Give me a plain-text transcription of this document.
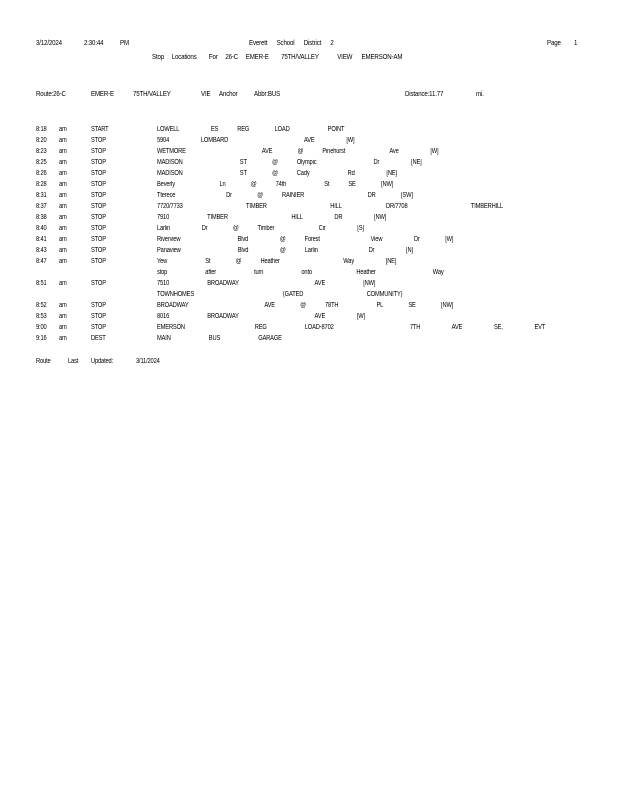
3/12/2024	2:30:44 PM	Everett      School      District      2	Page 1
Stop     Locations        For     26-C     EMER-E        75TH/VALLEY            VIEW      EMERSON-AM
Route:26-C	EMER-E	75TH/VALLEY	VIE Anchor Abbr:BUS	Distance:11.77	mi.
8:18 am	START	LOWELL     ES   REG    LOAD      POINT
8:20 am	STOP	5904     LOMBARD            AVE     [W]
8:23 am	STOP	WETMORE            AVE    @   Pinehurst       Ave     [W]
8:25 am	STOP	MADISON         ST    @   Olympic         Dr     [NE]
8:26 am	STOP	MADISON         ST    @   Cady      Rd     [NE]
8:28 am	STOP	Beverly       Ln    @   74th      St   SE    [NW]
8:31 am	STOP	Tterece        Dr    @   RAINIER          DR    [SW]
8:37 am	STOP	7720/7733          TIMBER          HILL       DR/7708          TIMBERHILL
8:38 am	STOP	7910      TIMBER          HILL     DR     [NW]
8:40 am	STOP	Larlin     Dr    @   Timber       Cir     [S]
8:41 am	STOP	Riverview         Blvd     @   Forest        View     Dr    [W]
8:43 am	STOP	Panaview         Blvd     @   Larlin        Dr     [N]
8:47 am	STOP	Yew      St    @   Heather          Way     [NE]
stop      after      turn      onto       Heather         Way
8:51 am	STOP	7510      BROADWAY            AVE      [NW]
TOWNHOMES              (GATED          COMMUNITY)
8:52 am	STOP	BROADWAY            AVE    @   78TH      PL    SE    [NW]
8:53 am	STOP	8016      BROADWAY            AVE     [W]
9:00 am	STOP	EMERSON           REG      LOAD-8702            7TH     AVE     SE,     EVT
9:16 am	DEST	MAIN      BUS      GARAGE
Route Last Updated:	3/11/2024
